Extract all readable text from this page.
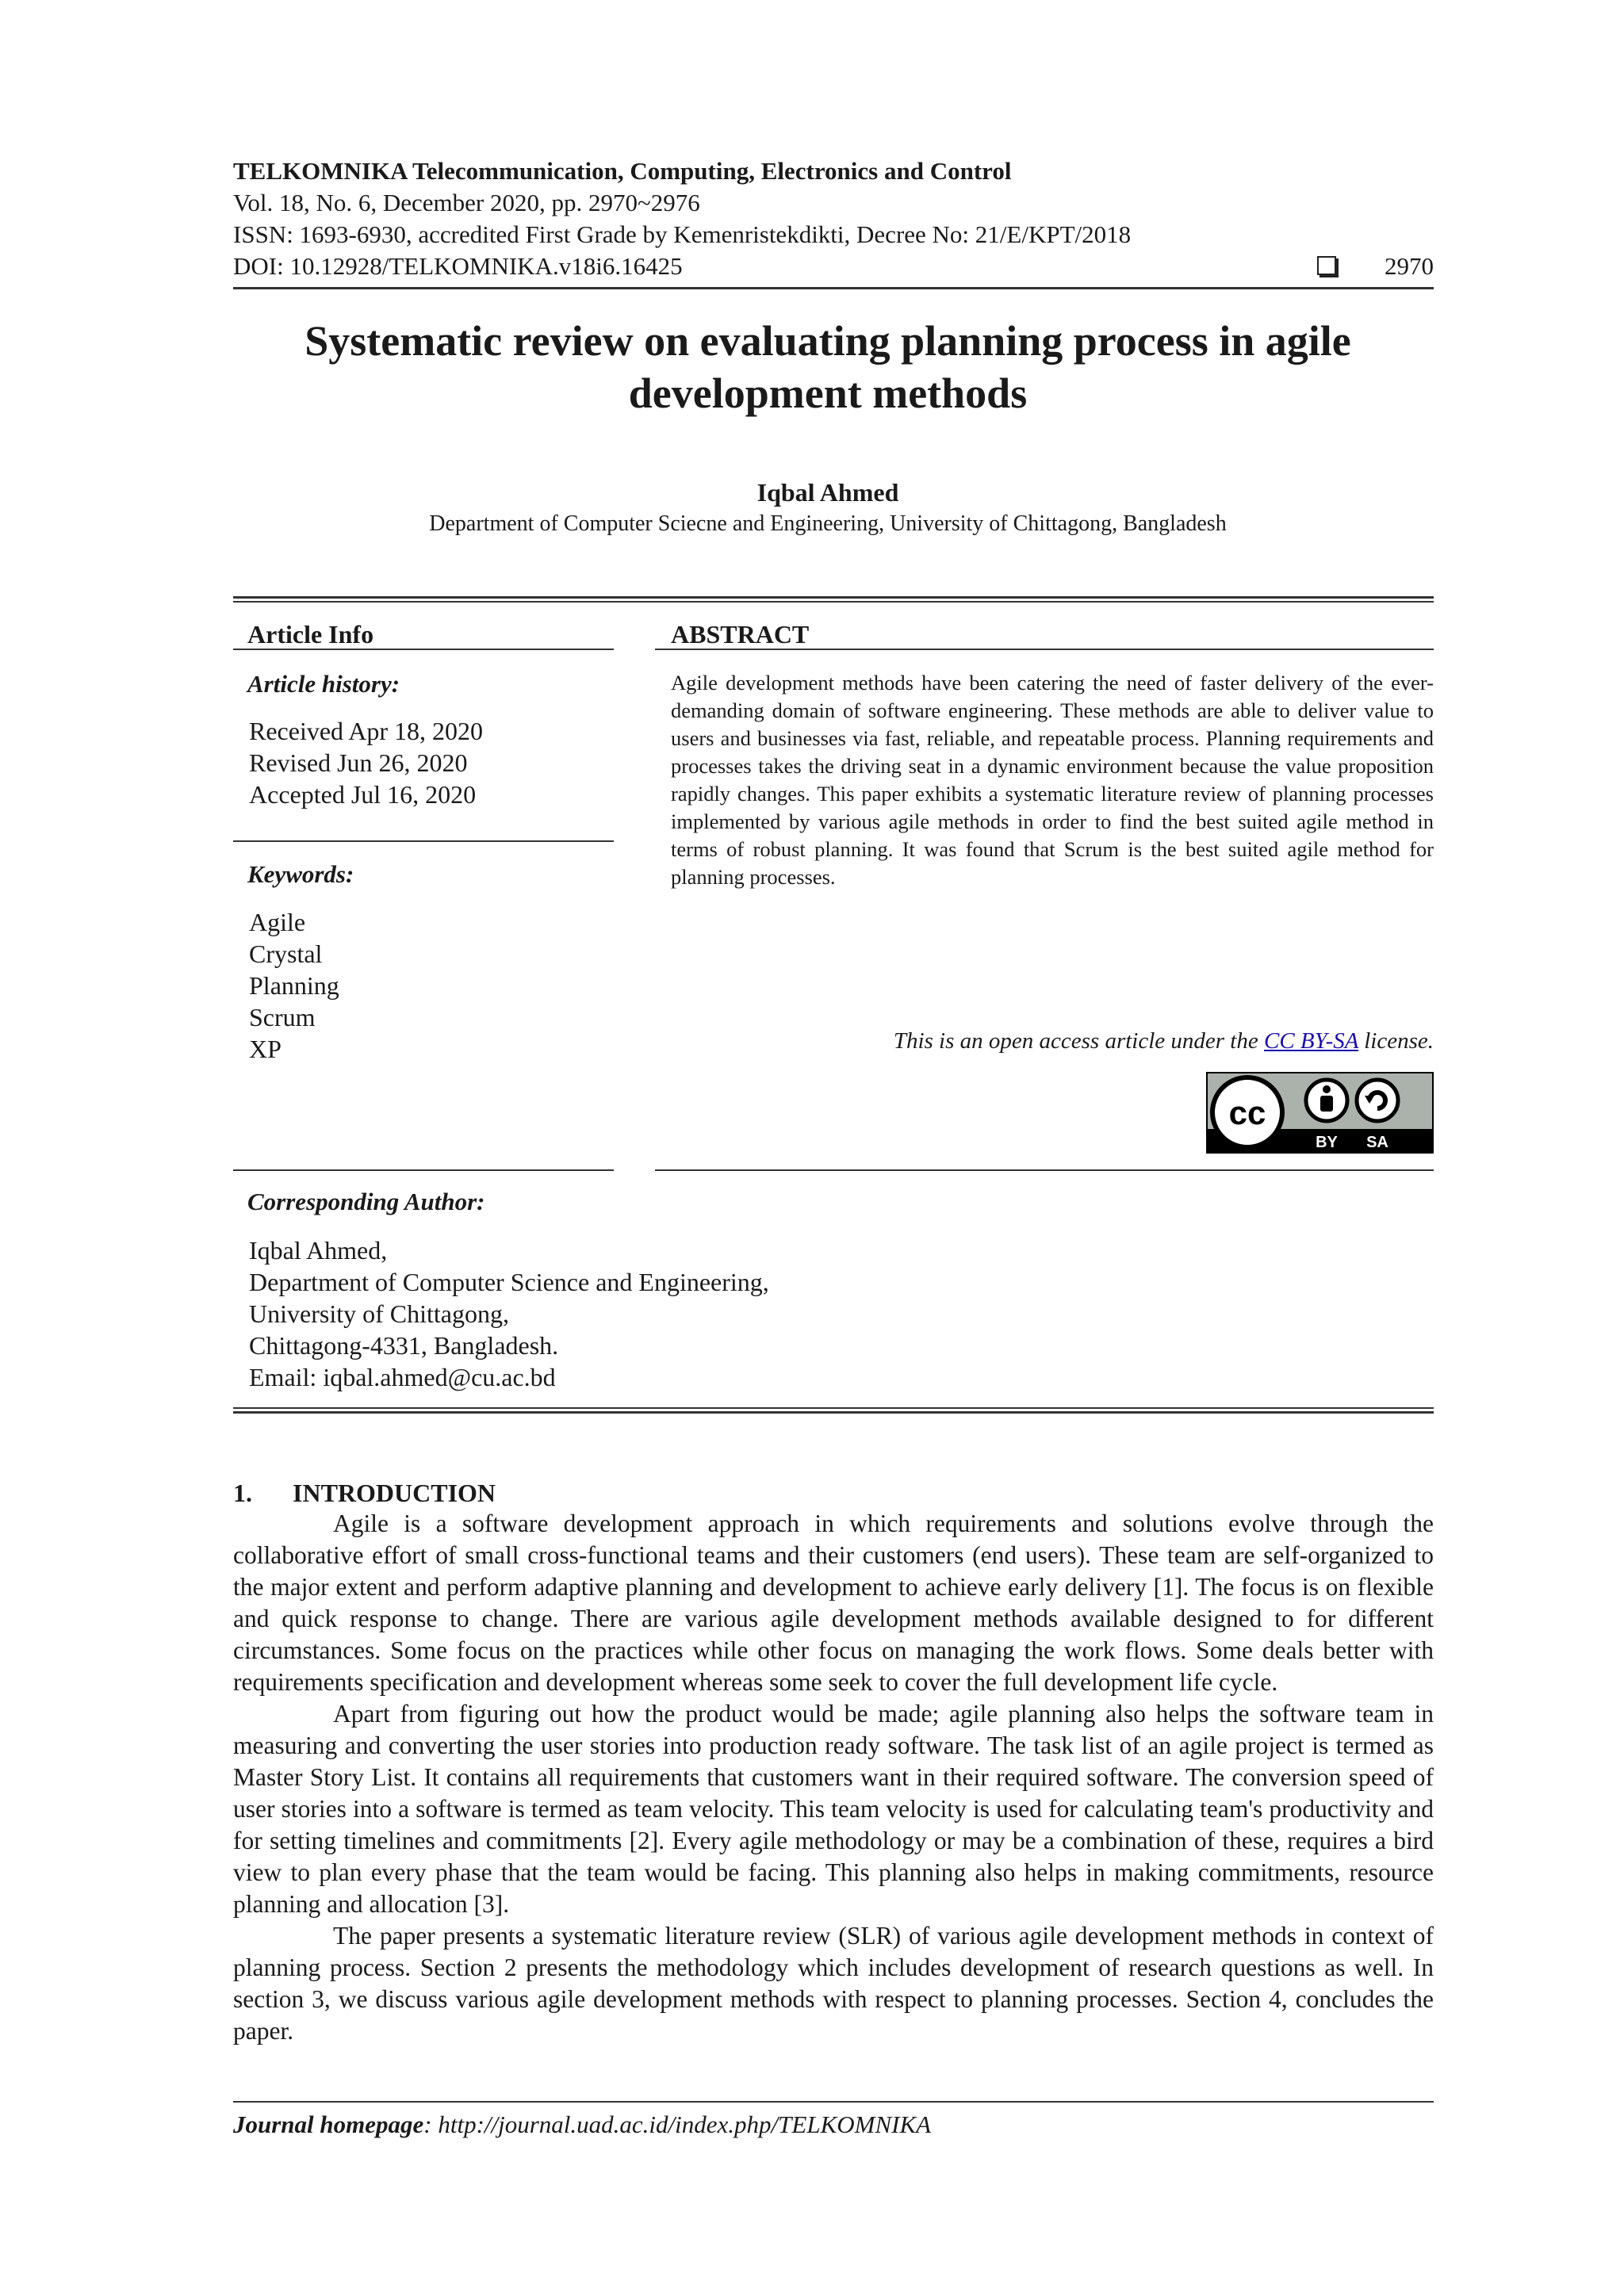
TELKOMNIKA Telecommunication, Computing, Electronics and Control
Vol. 18, No. 6, December 2020, pp. 2970~2976
ISSN: 1693-6930, accredited First Grade by Kemenristekdikti, Decree No: 21/E/KPT/2018
DOI: 10.12928/TELKOMNIKA.v18i6.16425	2970
Systematic review on evaluating planning process in agile development methods
Iqbal Ahmed
Department of Computer Sciecne and Engineering, University of Chittagong, Bangladesh
Article Info
Article history:
Received Apr 18, 2020
Revised Jun 26, 2020
Accepted Jul 16, 2020
Keywords:
Agile
Crystal
Planning
Scrum
XP
ABSTRACT
Agile development methods have been catering the need of faster delivery of the ever-demanding domain of software engineering. These methods are able to deliver value to users and businesses via fast, reliable, and repeatable process. Planning requirements and processes takes the driving seat in a dynamic environment because the value proposition rapidly changes. This paper exhibits a systematic literature review of planning processes implemented by various agile methods in order to find the best suited agile method in terms of robust planning. It was found that Scrum is the best suited agile method for planning processes.
This is an open access article under the CC BY-SA license.
cc
BY SA
Corresponding Author:
Iqbal Ahmed,
Department of Computer Science and Engineering,
University of Chittagong,
Chittagong-4331, Bangladesh.
Email: iqbal.ahmed@cu.ac.bd
1. INTRODUCTION

Agile is a software development approach in which requirements and solutions evolve through the collaborative effort of small cross-functional teams and their customers (end users). These team are self-organized to the major extent and perform adaptive planning and development to achieve early delivery [1]. The focus is on flexible and quick response to change. There are various agile development methods available designed to for different circumstances. Some focus on the practices while other focus on managing the work flows. Some deals better with requirements specification and development whereas some seek to cover the full development life cycle.

Apart from figuring out how the product would be made; agile planning also helps the software team in measuring and converting the user stories into production ready software. The task list of an agile project is termed as Master Story List. It contains all requirements that customers want in their required software. The conversion speed of user stories into a software is termed as team velocity. This team velocity is used for calculating team's productivity and for setting timelines and commitments [2]. Every agile methodology or may be a combination of these, requires a bird view to plan every phase that the team would be facing. This planning also helps in making commitments, resource planning and allocation [3].

The paper presents a systematic literature review (SLR) of various agile development methods in context of planning process. Section 2 presents the methodology which includes development of research questions as well. In section 3, we discuss various agile development methods with respect to planning processes. Section 4, concludes the paper.

Journal homepage: http://journal.uad.ac.id/index.php/TELKOMNIKA
